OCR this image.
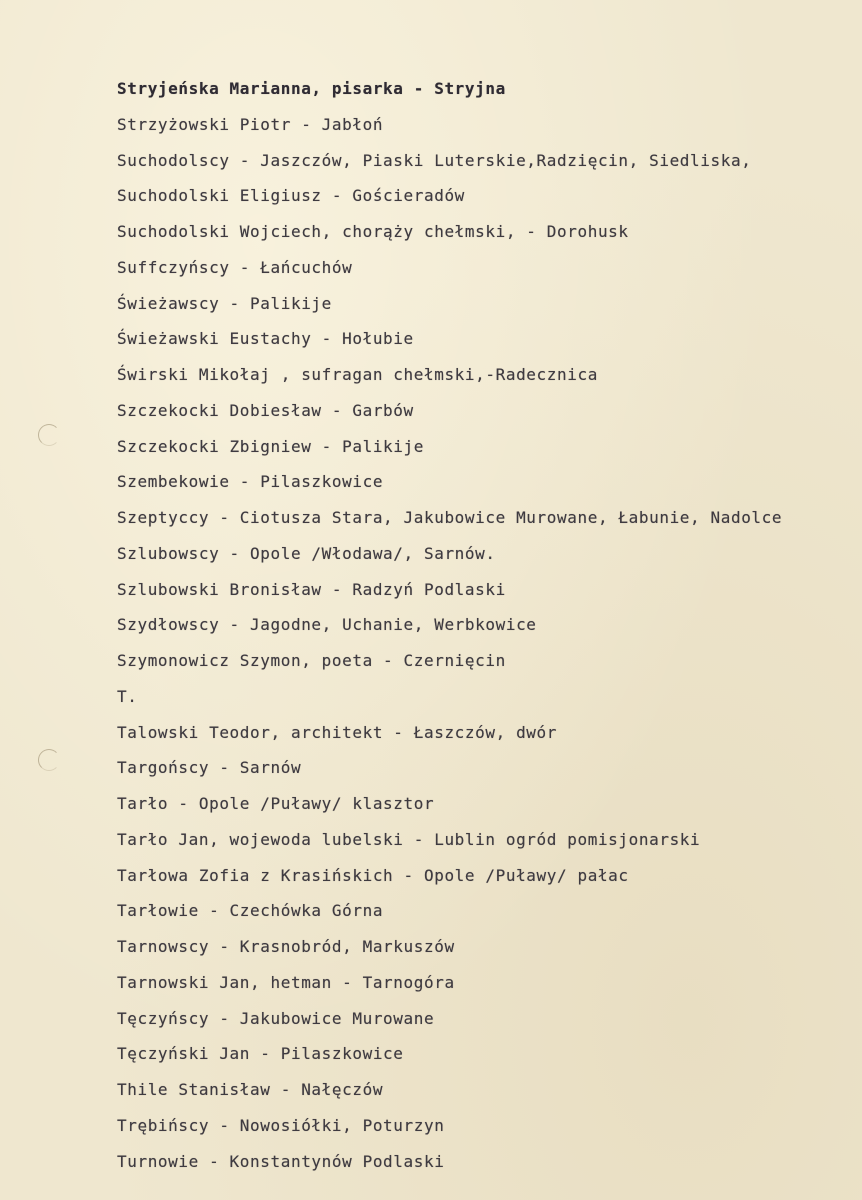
Stryjeńska Marianna, pisarka - Stryjna
Strzyżowski Piotr - Jabłoń
Suchodolscy - Jaszczów, Piaski Luterskie,Radzięcin, Siedliska,
Suchodolski Eligiusz - Gościeradów
Suchodolski Wojciech, chorąży chełmski, - Dorohusk
Suffczyńscy - Łańcuchów
Świeżawscy - Palikije
Świeżawski Eustachy - Hołubie
Świrski Mikołaj , sufragan chełmski,-Radecznica
Szczekocki Dobiesław - Garbów
Szczekocki Zbigniew - Palikije
Szembekowie - Pilaszkowice
Szeptyccy - Ciotusza Stara, Jakubowice Murowane, Łabunie, Nadolce
Szlubowscy - Opole /Włodawa/, Sarnów.
Szlubowski Bronisław - Radzyń Podlaski
Szydłowscy - Jagodne, Uchanie, Werbkowice
Szymonowicz Szymon, poeta - Czernięcin
T.
Talowski Teodor, architekt - Łaszczów, dwór
Targońscy - Sarnów
Tarło - Opole /Puławy/ klasztor
Tarło Jan, wojewoda lubelski - Lublin ogród pomisjonarski
Tarłowa Zofia z Krasińskich - Opole /Puławy/ pałac
Tarłowie - Czechówka Górna
Tarnowscy - Krasnobród, Markuszów
Tarnowski Jan, hetman - Tarnogóra
Tęczyńscy - Jakubowice Murowane
Tęczyński Jan - Pilaszkowice
Thile Stanisław - Nałęczów
Trębińscy - Nowosiółki, Poturzyn
Turnowie - Konstantynów Podlaski
